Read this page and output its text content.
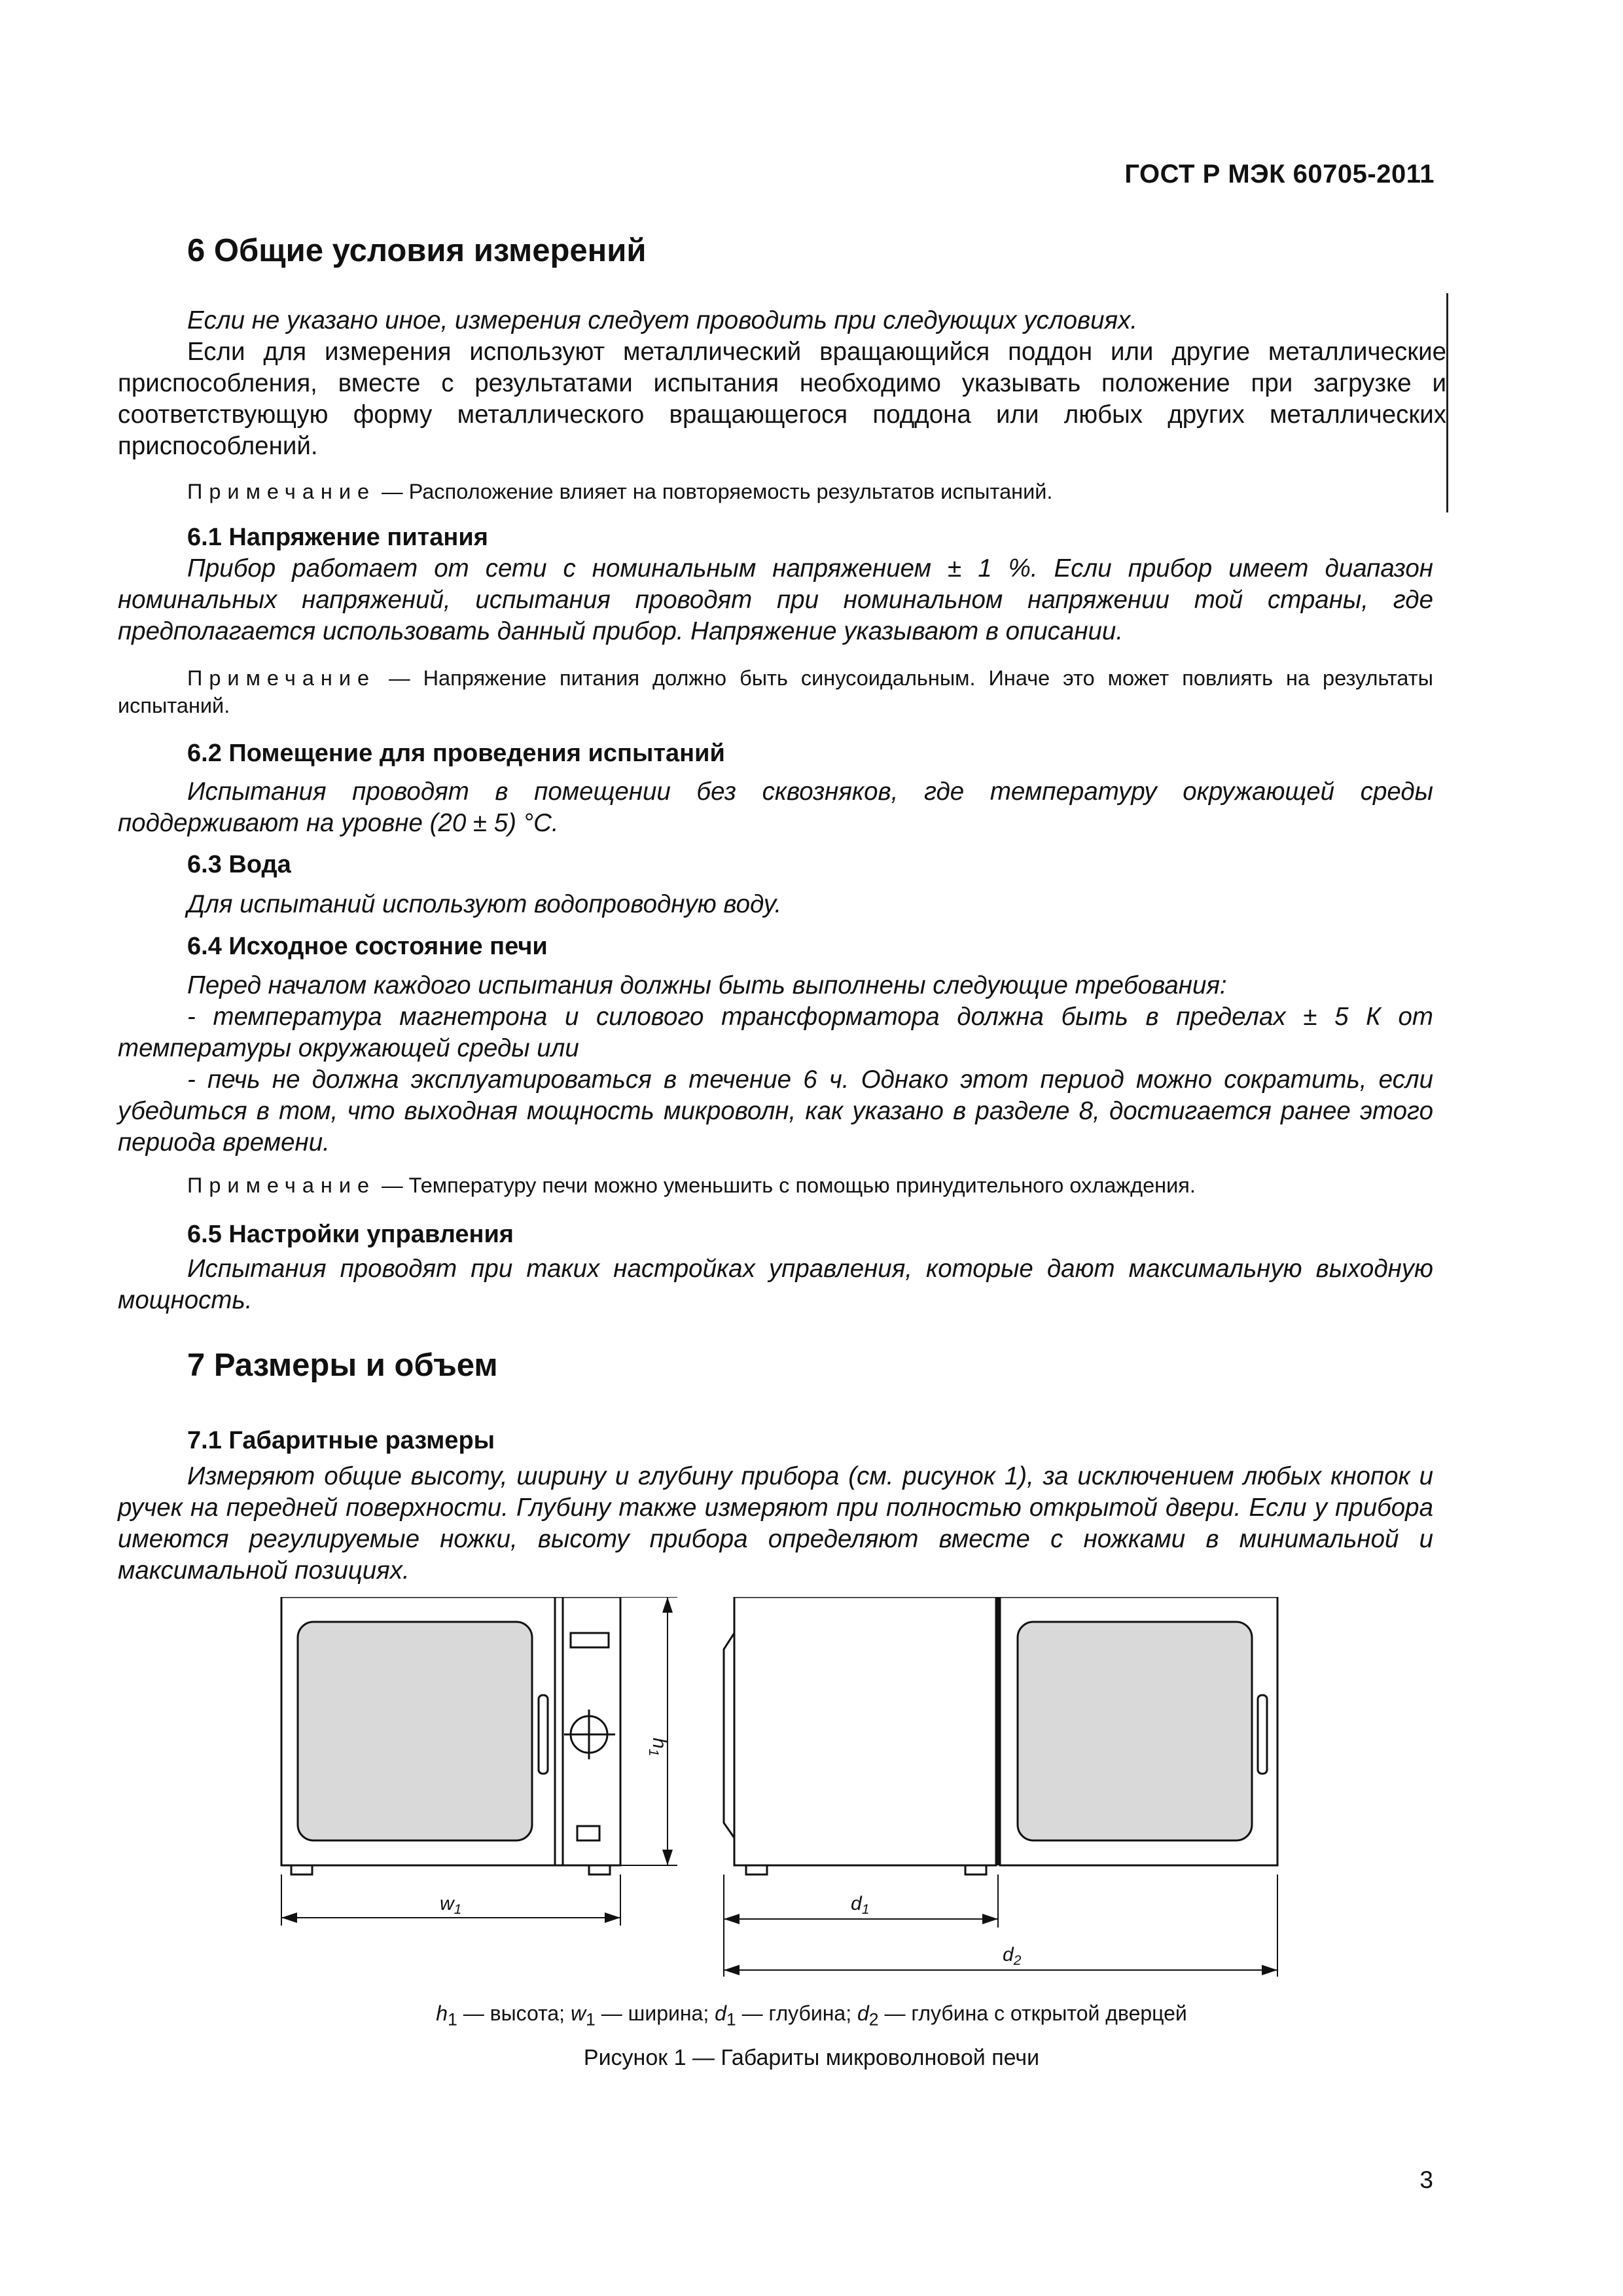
ГОСТ Р МЭК 60705-2011
6 Общие условия измерений
Если не указано иное, измерения следует проводить при следующих условиях.
Если для измерения используют металлический вращающийся поддон или другие металлические приспособления, вместе с результатами испытания необходимо указывать положение при загрузке и соответствующую форму металлического вращающегося поддона или любых других металлических приспособлений.
Примечание — Расположение влияет на повторяемость результатов испытаний.
6.1 Напряжение питания
Прибор работает от сети с номинальным напряжением ± 1 %. Если прибор имеет диапазон номинальных напряжений, испытания проводят при номинальном напряжении той страны, где предполагается использовать данный прибор. Напряжение указывают в описании.
Примечание — Напряжение питания должно быть синусоидальным. Иначе это может повлиять на результаты испытаний.
6.2 Помещение для проведения испытаний
Испытания проводят в помещении без сквозняков, где температуру окружающей среды поддерживают на уровне (20 ± 5) °С.
6.3 Вода
Для испытаний используют водопроводную воду.
6.4 Исходное состояние печи
Перед началом каждого испытания должны быть выполнены следующие требования:
- температура магнетрона и силового трансформатора должна быть в пределах ± 5 К от температуры окружающей среды или
- печь не должна эксплуатироваться в течение 6 ч. Однако этот период можно сократить, если убедиться в том, что выходная мощность микроволн, как указано в разделе 8, достигается ранее этого периода времени.
Примечание — Температуру печи можно уменьшить с помощью принудительного охлаждения.
6.5 Настройки управления
Испытания проводят при таких настройках управления, которые дают максимальную выходную мощность.
7 Размеры и объем
7.1 Габаритные размеры
Измеряют общие высоту, ширину и глубину прибора (см. рисунок 1), за исключением любых кнопок и ручек на передней поверхности. Глубину также измеряют при полностью открытой двери. Если у прибора имеются регулируемые ножки, высоту прибора определяют вместе с ножками в минимальной и максимальной позициях.
$h_1$
$w_1$	$d_1$
$d_2$
$h_1$ — высота; $w_1$ — ширина; $d_1$ — глубина; $d_2$ — глубина с открытой дверцей
Рисунок 1 — Габариты микроволновой печи
3
